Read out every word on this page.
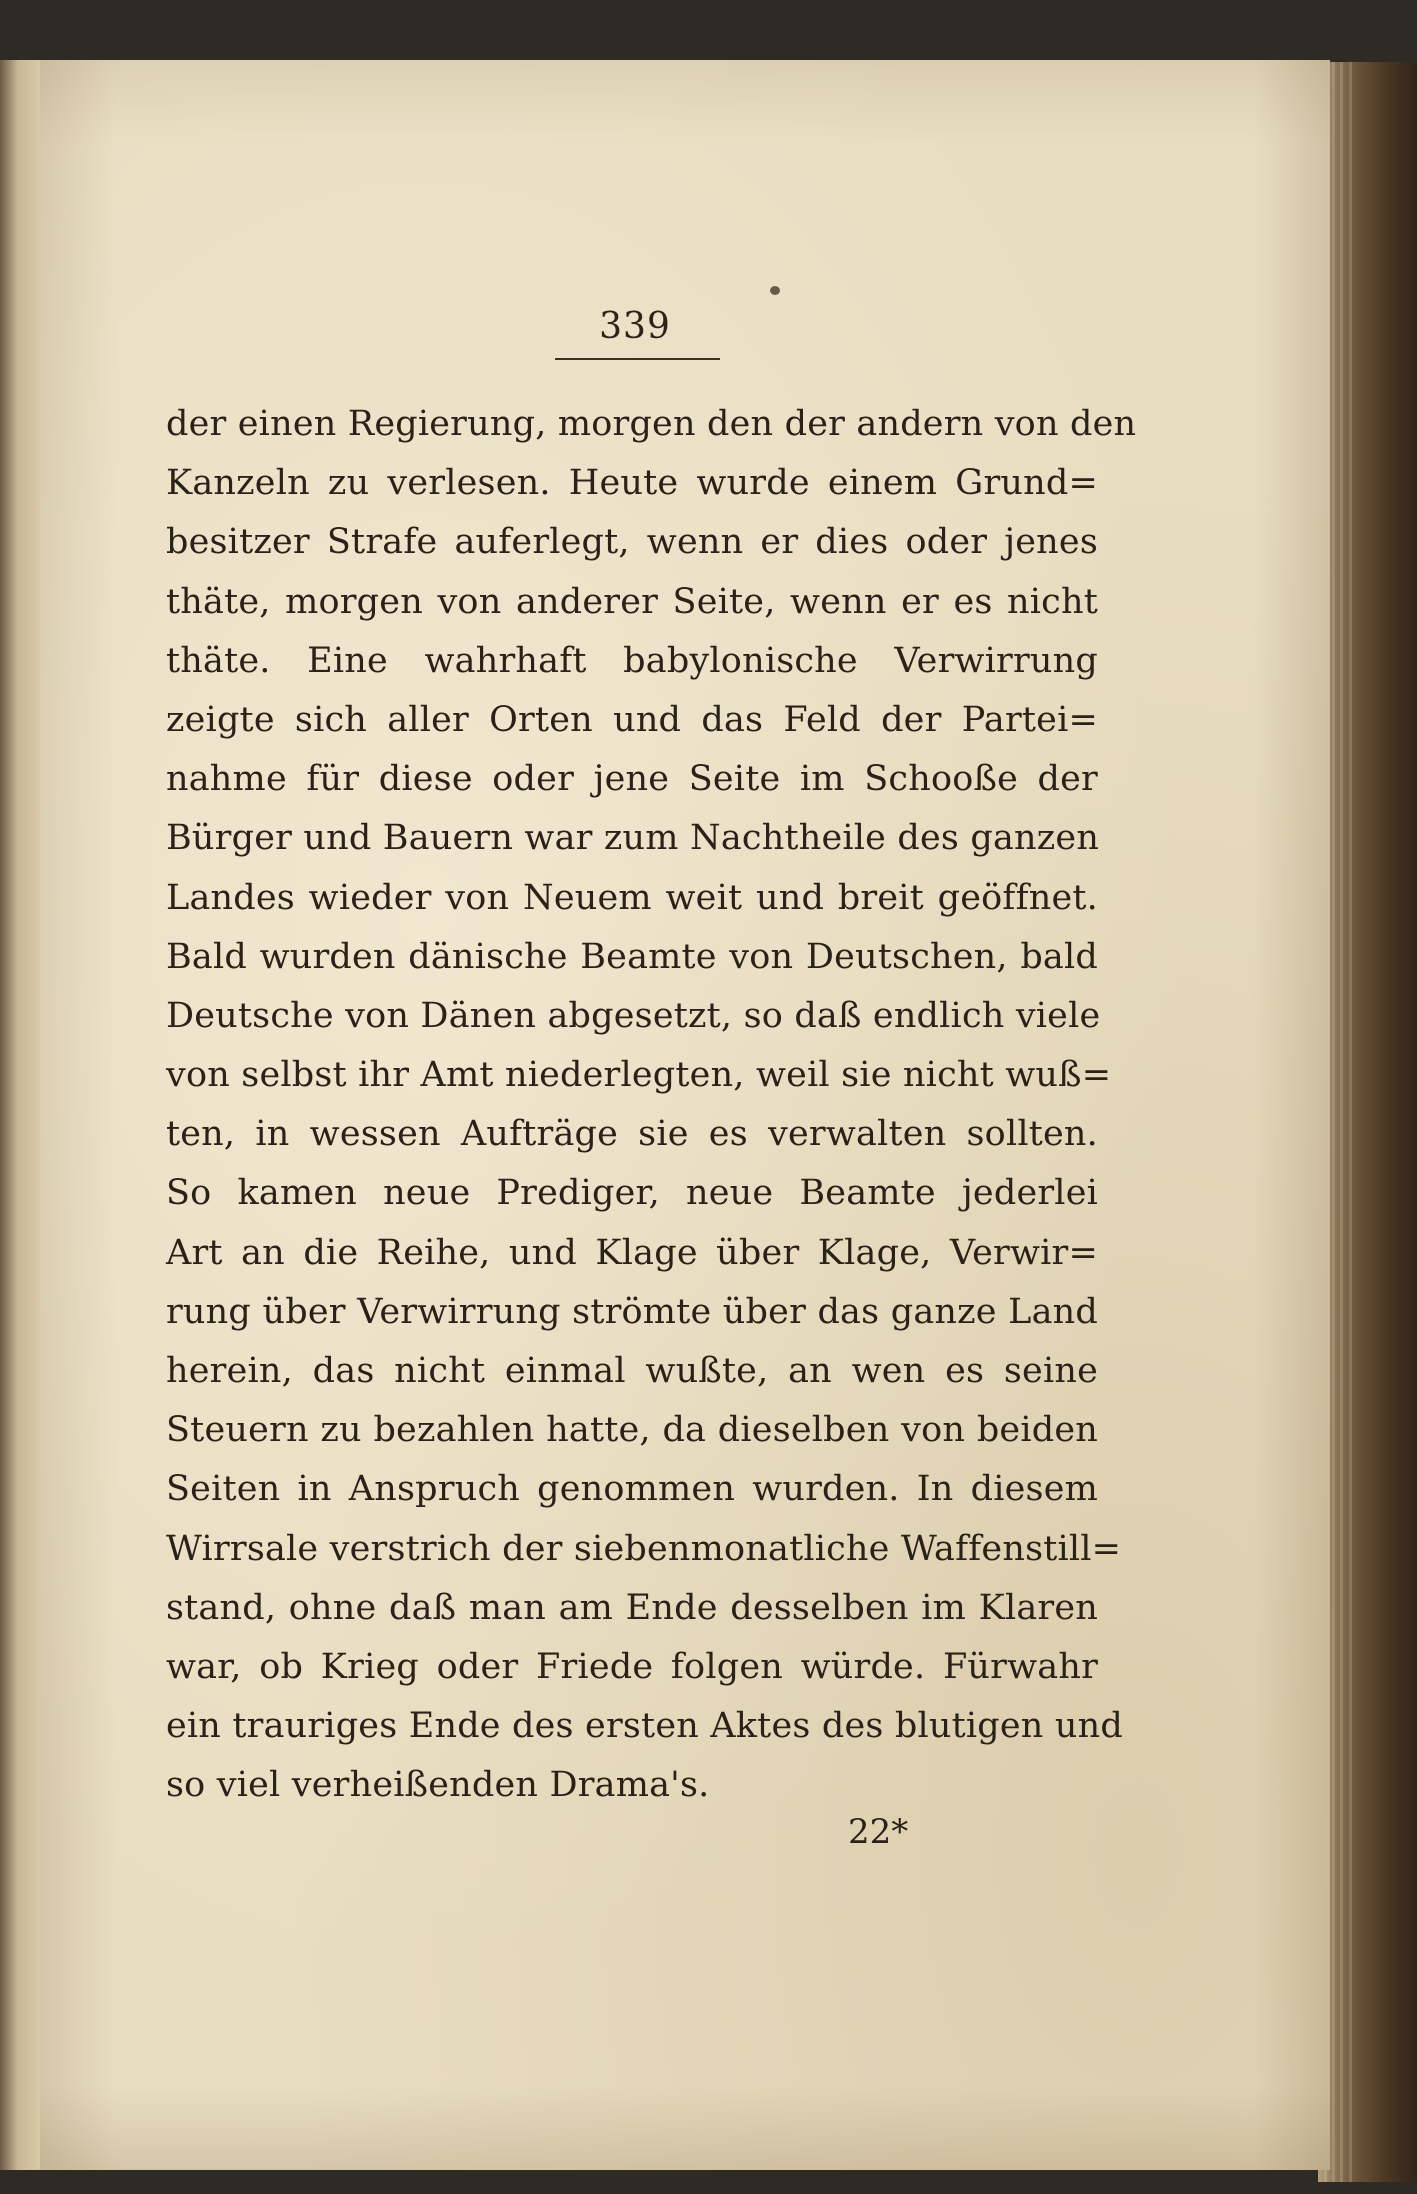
339

der einen Regierung, morgen den der andern von den
Kanzeln zu verlesen. Heute wurde einem Grund=
besitzer Strafe auferlegt, wenn er dies oder jenes
thäte, morgen von anderer Seite, wenn er es nicht
thäte. Eine wahrhaft babylonische Verwirrung
zeigte sich aller Orten und das Feld der Partei=
nahme für diese oder jene Seite im Schooße der
Bürger und Bauern war zum Nachtheile des ganzen
Landes wieder von Neuem weit und breit geöffnet.
Bald wurden dänische Beamte von Deutschen, bald
Deutsche von Dänen abgesetzt, so daß endlich viele
von selbst ihr Amt niederlegten, weil sie nicht wuß=
ten, in wessen Aufträge sie es verwalten sollten.
So kamen neue Prediger, neue Beamte jederlei
Art an die Reihe, und Klage über Klage, Verwir=
rung über Verwirrung strömte über das ganze Land
herein, das nicht einmal wußte, an wen es seine
Steuern zu bezahlen hatte, da dieselben von beiden
Seiten in Anspruch genommen wurden. In diesem
Wirrsale verstrich der siebenmonatliche Waffenstill=
stand, ohne daß man am Ende desselben im Klaren
war, ob Krieg oder Friede folgen würde. Fürwahr
ein trauriges Ende des ersten Aktes des blutigen und
so viel verheißenden Drama's.

22*
